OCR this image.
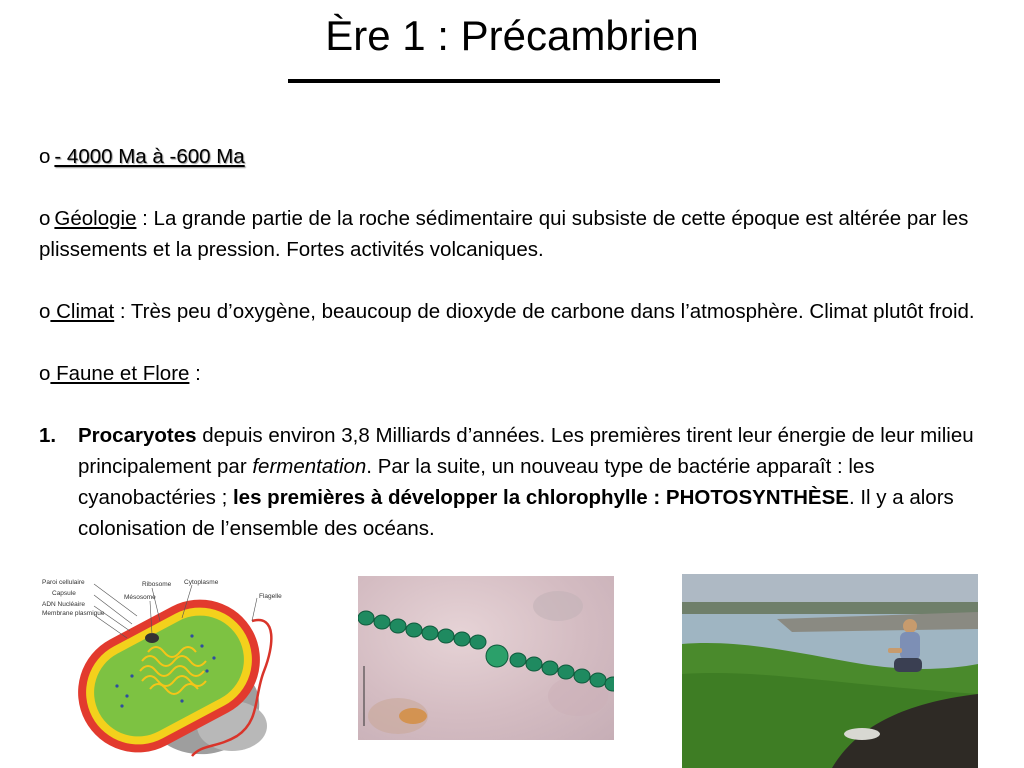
Ère 1 : Précambrien

o - 4000 Ma à -600 Ma

o Géologie : La grande partie de la roche sédimentaire qui subsiste de cette époque est altérée par les plissements et la pression. Fortes activités volcaniques.

o Climat : Très peu d’oxygène, beaucoup de dioxyde de carbone dans l’atmosphère. Climat plutôt froid.

o Faune et Flore :

1. Procaryotes depuis environ 3,8 Milliards d’années. Les premières tirent leur énergie de leur milieu principalement par fermentation. Par la suite, un nouveau type de bactérie apparaît : les cyanobactéries ; les premières à développer la chlorophylle : PHOTOSYNTHÈSE. Il y a alors colonisation de l’ensemble des océans.

Paroi cellulaire
Capsule
ADN Nucléaire
Membrane plasmique
Ribosome
Mésosome
Cytoplasme
Flagelle
